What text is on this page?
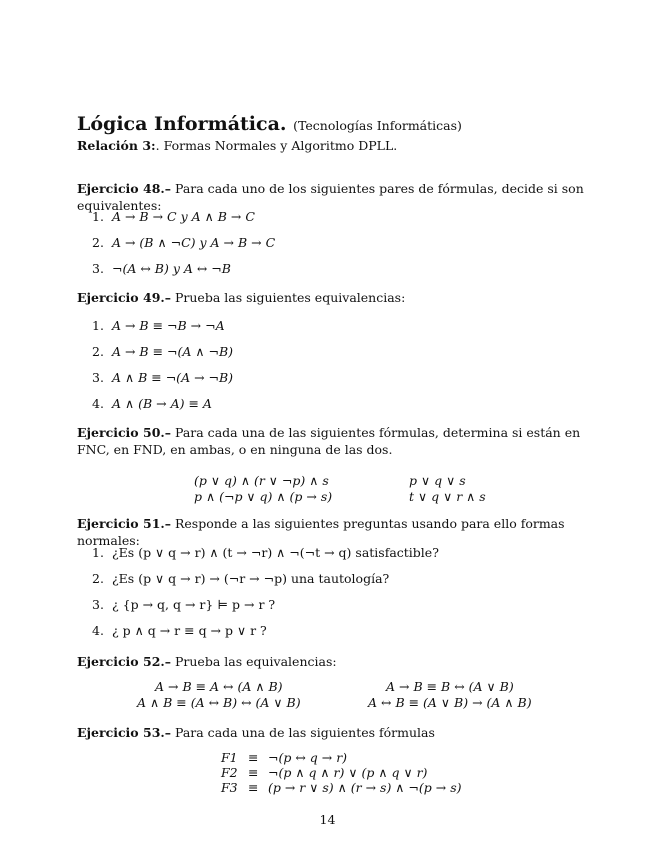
Lógica Informática. (Tecnologías Informáticas)
Relación 3:. Formas Normales y Algoritmo DPLL.
Ejercicio 48.– Para cada uno de los siguientes pares de fórmulas, decide si son equivalentes:
1. A → B → C y A ∧ B → C
2. A → (B ∧ ¬C) y A → B → C
3. ¬(A ↔ B) y A ↔ ¬B
Ejercicio 49.– Prueba las siguientes equivalencias:
1. A → B ≡ ¬B → ¬A
2. A → B ≡ ¬(A ∧ ¬B)
3. A ∧ B ≡ ¬(A → ¬B)
4. A ∧ (B → A) ≡ A
Ejercicio 50.– Para cada una de las siguientes fórmulas, determina si están en FNC, en FND, en ambas, o en ninguna de las dos.
(p ∨ q) ∧ (r ∨ ¬p) ∧ s	p ∨ q ∨ s
p ∧ (¬p ∨ q) ∧ (p → s)	t ∨ q ∨ r ∧ s
Ejercicio 51.– Responde a las siguientes preguntas usando para ello formas normales:
1. ¿Es (p ∨ q → r) ∧ (t → ¬r) ∧ ¬(¬t → q) satisfactible?
2. ¿Es (p ∨ q → r) → (¬r → ¬p) una tautología?
3. ¿ {p → q, q → r} ⊨ p → r ?
4. ¿ p ∧ q → r ≡ q → p ∨ r ?
Ejercicio 52.– Prueba las equivalencias:
A → B ≡ A ↔ (A ∧ B)	A → B ≡ B ↔ (A ∨ B)
A ∧ B ≡ (A ↔ B) ↔ (A ∨ B)	A ↔ B ≡ (A ∨ B) → (A ∧ B)
Ejercicio 53.– Para cada una de las siguientes fórmulas
F1 ≡ ¬(p ↔ q → r)
F2 ≡ ¬(p ∧ q ∧ r) ∨ (p ∧ q ∨ r)
F3 ≡ (p → r ∨ s) ∧ (r → s) ∧ ¬(p → s)
14
